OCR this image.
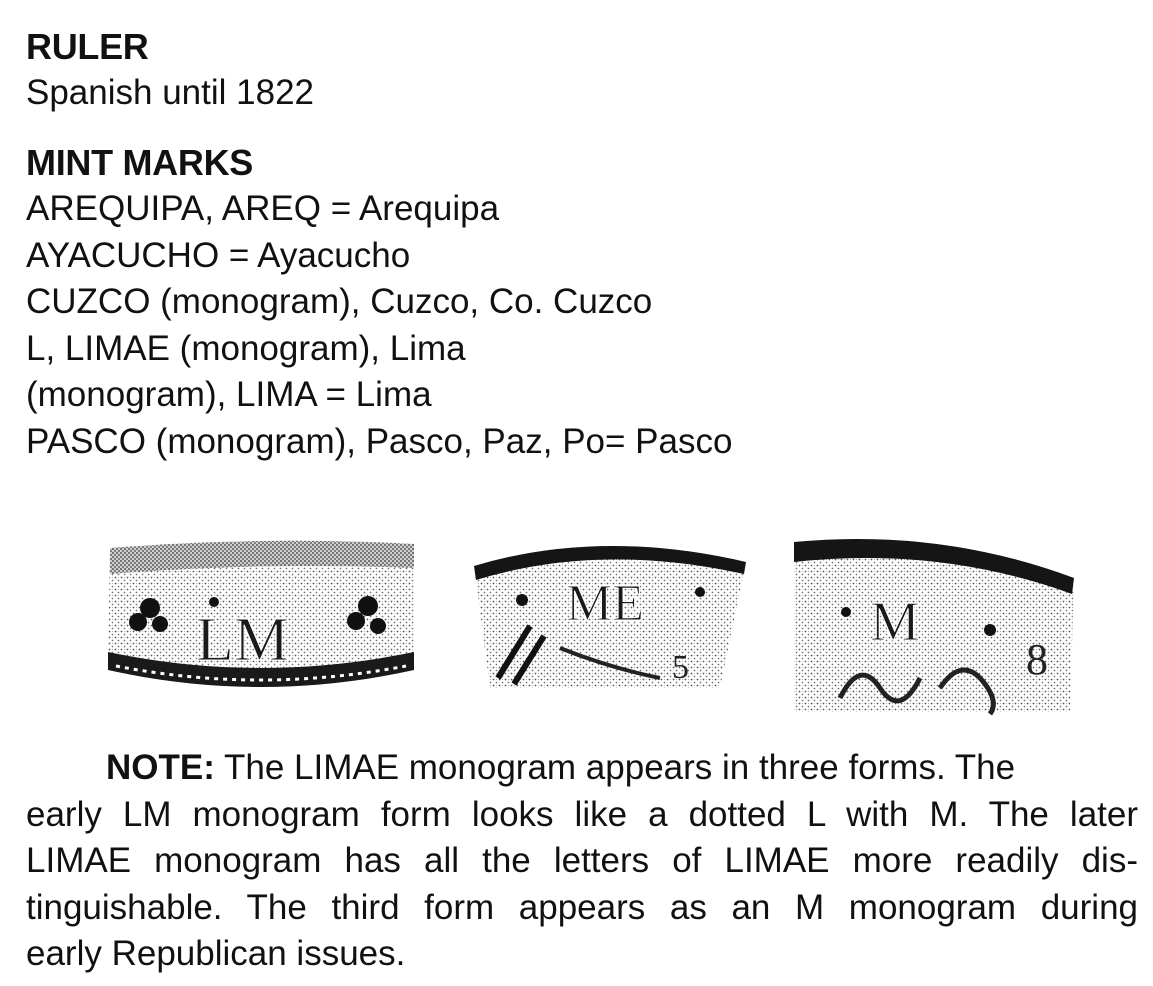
RULER

Spanish until 1822

MINT MARKS

AREQUIPA, AREQ = Arequipa

AYACUCHO = Ayacucho

CUZCO (monogram), Cuzco, Co. Cuzco

L, LIMAE (monogram), Lima

(monogram), LIMA = Lima

PASCO (monogram), Pasco, Paz, Po= Pasco

LM
ME
5
M
8
NOTE: The LIMAE monogram appears in three forms. The
early LM monogram form looks like a dotted L with M. The later
LIMAE monogram has all the letters of LIMAE more readily dis-
tinguishable. The third form appears as an M monogram during
early Republican issues.
